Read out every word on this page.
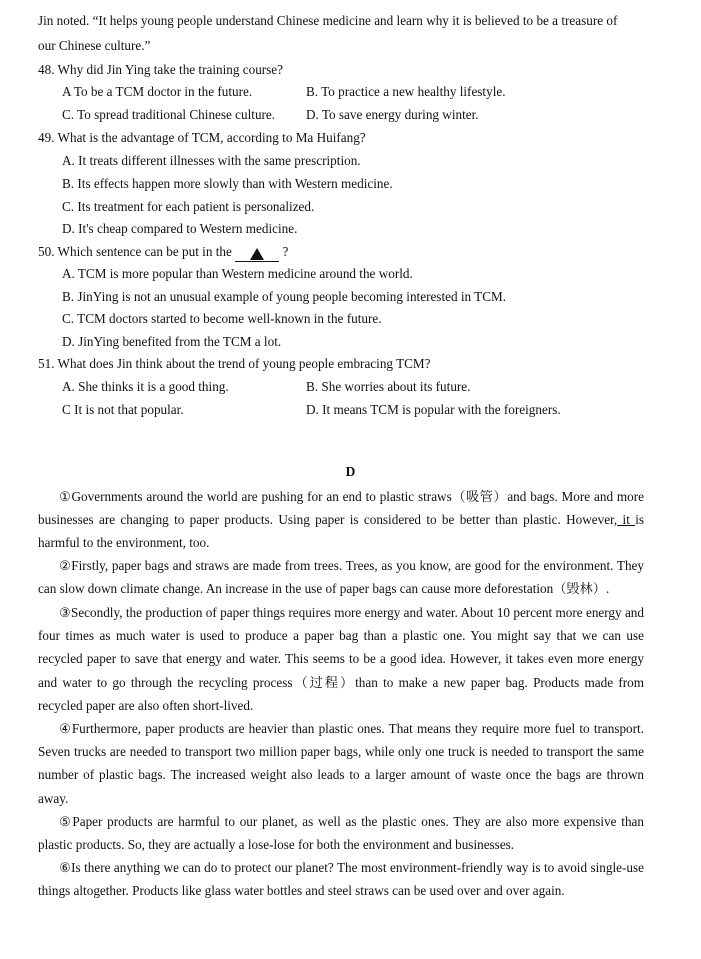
Jin noted. “It helps young people understand Chinese medicine and learn why it is believed to be a treasure of
our Chinese culture.”
48. Why did Jin Ying take the training course?
A To be a TCM doctor in the future.	B. To practice a new healthy lifestyle.
C. To spread traditional Chinese culture. D. To save energy during winter.
49. What is the advantage of TCM, according to Ma Huifang?
A. It treats different illnesses with the same prescription.
B. Its effects happen more slowly than with Western medicine.
C. Its treatment for each patient is personalized.
D. It's cheap compared to Western medicine.
50. Which sentence can be put in the	?
A. TCM is more popular than Western medicine around the world.
B. JinYing is not an unusual example of young people becoming interested in TCM.
C. TCM doctors started to become well-known in the future.
D. JinYing benefited from the TCM a lot.
51. What does Jin think about the trend of young people embracing TCM?
A. She thinks it is a good thing.	B. She worries about its future.
C It is not that popular.	D. It means TCM is popular with the foreigners.
D
①Governments around the world are pushing for an end to plastic straws（吸管）and bags. More and more businesses are changing to paper products. Using paper is considered to be better than plastic. However, it is harmful to the environment, too.
②Firstly, paper bags and straws are made from trees. Trees, as you know, are good for the environment. They can slow down climate change. An increase in the use of paper bags can cause more deforestation（毁林）.
③Secondly, the production of paper things requires more energy and water. About 10 percent more energy and four times as much water is used to produce a paper bag than a plastic one. You might say that we can use recycled paper to save that energy and water. This seems to be a good idea. However, it takes even more energy and water to go through the recycling process（过程）than to make a new paper bag. Products made from recycled paper are also often short-lived.
④Furthermore, paper products are heavier than plastic ones. That means they require more fuel to transport. Seven trucks are needed to transport two million paper bags, while only one truck is needed to transport the same number of plastic bags. The increased weight also leads to a larger amount of waste once the bags are thrown away.
⑤Paper products are harmful to our planet, as well as the plastic ones. They are also more expensive than plastic products. So, they are actually a lose-lose for both the environment and businesses.
⑥Is there anything we can do to protect our planet? The most environment-friendly way is to avoid single-use things altogether. Products like glass water bottles and steel straws can be used over and over again.
